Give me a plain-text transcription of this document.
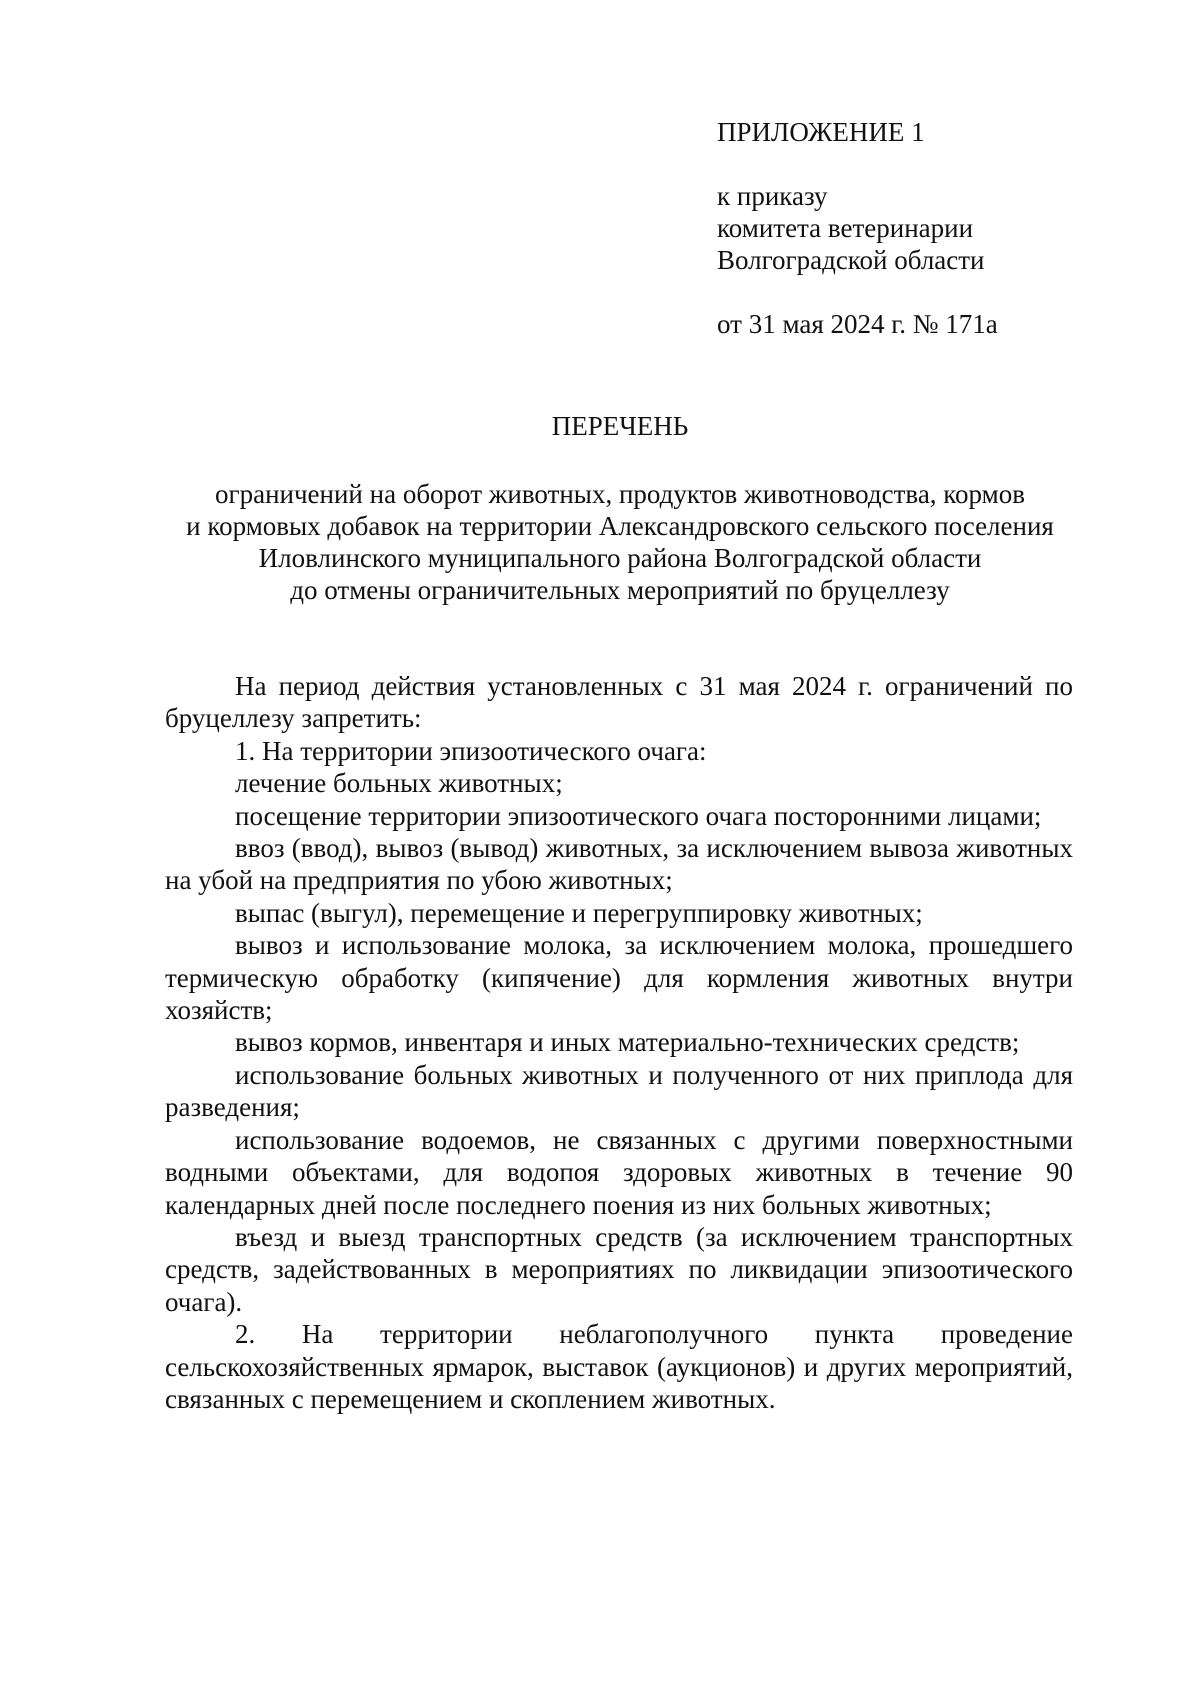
ПРИЛОЖЕНИЕ 1
к приказу
комитета ветеринарии
Волгоградской области
от 31 мая 2024 г. № 171а
ПЕРЕЧЕНЬ
ограничений на оборот животных, продуктов животноводства, кормов
и кормовых добавок на территории Александровского сельского поселения
Иловлинского муниципального района Волгоградской области
до отмены ограничительных мероприятий по бруцеллезу

На период действия установленных с 31 мая 2024 г. ограничений по бруцеллезу запретить:

1. На территории эпизоотического очага:

лечение больных животных;

посещение территории эпизоотического очага посторонними лицами;

ввоз (ввод), вывоз (вывод) животных, за исключением вывоза животных на убой на предприятия по убою животных;

выпас (выгул), перемещение и перегруппировку животных;

вывоз и использование молока, за исключением молока, прошедшего термическую обработку (кипячение) для кормления животных внутри хозяйств;

вывоз кормов, инвентаря и иных материально-технических средств;

использование больных животных и полученного от них приплода для разведения;

использование водоемов, не связанных с другими поверхностными водными объектами, для водопоя здоровых животных в течение 90 календарных дней после последнего поения из них больных животных;

въезд и выезд транспортных средств (за исключением транспортных средств, задействованных в мероприятиях по ликвидации эпизоотического очага).

2. На территории неблагополучного пункта проведение сельскохозяйственных ярмарок, выставок (аукционов) и других мероприятий, связанных с перемещением и скоплением животных.
